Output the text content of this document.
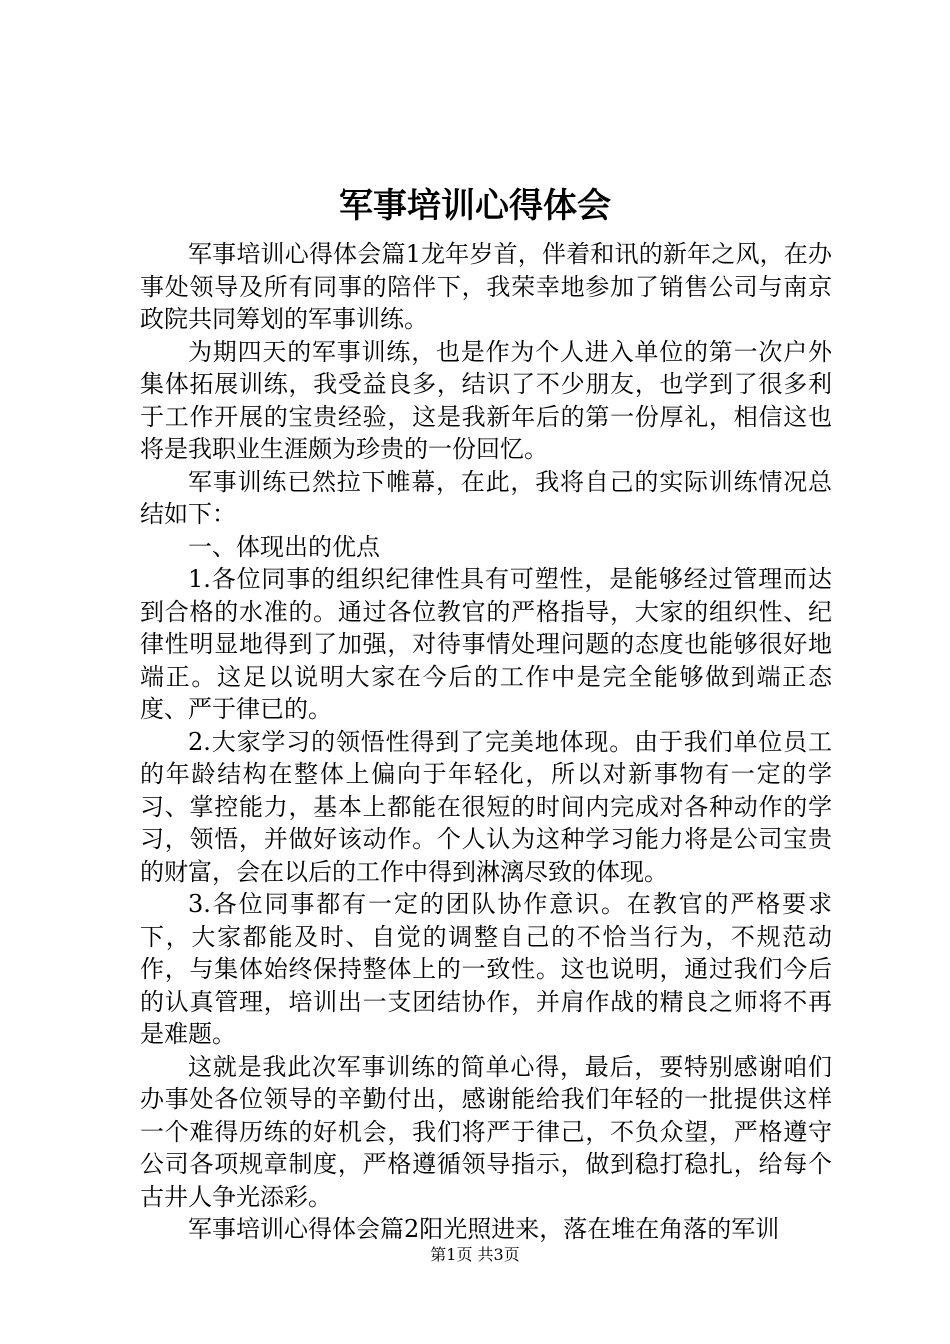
军事培训心得体会

军事培训心得体会篇1龙年岁首，伴着和讯的新年之风，在办事处领导及所有同事的陪伴下，我荣幸地参加了销售公司与南京政院共同筹划的军事训练。

为期四天的军事训练，也是作为个人进入单位的第一次户外集体拓展训练，我受益良多，结识了不少朋友，也学到了很多利于工作开展的宝贵经验，这是我新年后的第一份厚礼，相信这也将是我职业生涯颇为珍贵的一份回忆。

军事训练已然拉下帷幕，在此，我将自己的实际训练情况总结如下：

一、体现出的优点

1.各位同事的组织纪律性具有可塑性，是能够经过管理而达到合格的水准的。通过各位教官的严格指导，大家的组织性、纪律性明显地得到了加强，对待事情处理问题的态度也能够很好地端正。这足以说明大家在今后的工作中是完全能够做到端正态度、严于律已的。

2.大家学习的领悟性得到了完美地体现。由于我们单位员工的年龄结构在整体上偏向于年轻化，所以对新事物有一定的学习、掌控能力，基本上都能在很短的时间内完成对各种动作的学习，领悟，并做好该动作。个人认为这种学习能力将是公司宝贵的财富，会在以后的工作中得到淋漓尽致的体现。

3.各位同事都有一定的团队协作意识。在教官的严格要求下，大家都能及时、自觉的调整自己的不恰当行为，不规范动作，与集体始终保持整体上的一致性。这也说明，通过我们今后的认真管理，培训出一支团结协作，并肩作战的精良之师将不再是难题。

这就是我此次军事训练的简单心得，最后，要特别感谢咱们办事处各位领导的辛勤付出，感谢能给我们年轻的一批提供这样一个难得历练的好机会，我们将严于律己，不负众望，严格遵守公司各项规章制度，严格遵循领导指示，做到稳打稳扎，给每个古井人争光添彩。

军事培训心得体会篇2阳光照进来，落在堆在角落的军训

第1页 共3页
